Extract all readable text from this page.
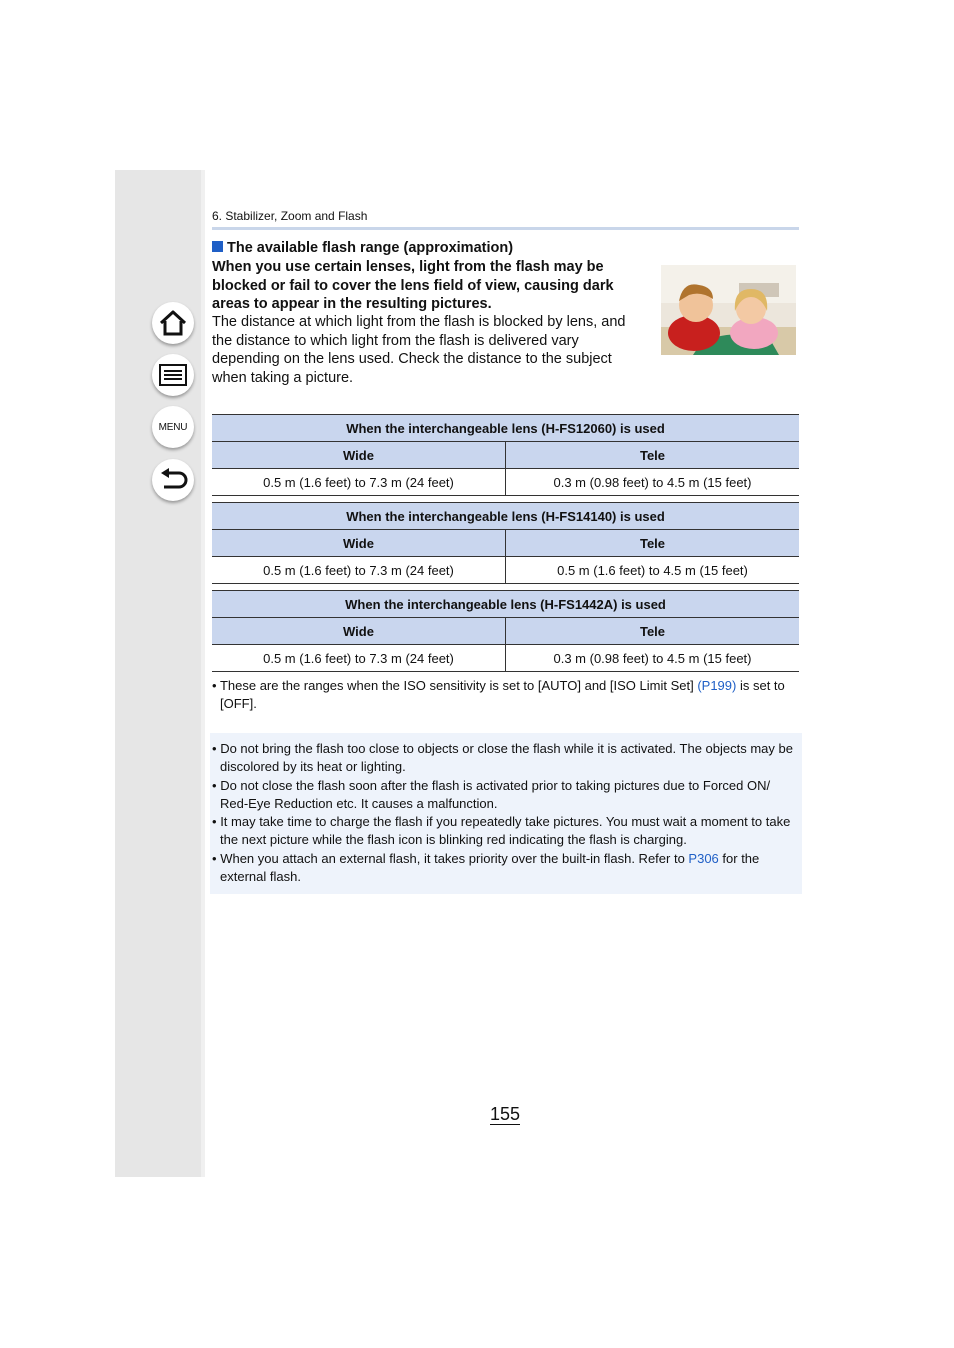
MENU
6. Stabilizer, Zoom and Flash
The available flash range (approximation)
When you use certain lenses, light from the flash may be blocked or fail to cover the lens field of view, causing dark areas to appear in the resulting pictures.
The distance at which light from the flash is blocked by lens, and the distance to which light from the flash is delivered vary depending on the lens used. Check the distance to the subject when taking a picture.
When the interchangeable lens (H-FS12060) is used	
Wide	Tele
0.5 m (1.6 feet) to 7.3 m (24 feet)	0.3 m (0.98 feet) to 4.5 m (15 feet)
When the interchangeable lens (H-FS14140) is used	
Wide	Tele
0.5 m (1.6 feet) to 7.3 m (24 feet)	0.5 m (1.6 feet) to 4.5 m (15 feet)
When the interchangeable lens (H-FS1442A) is used	
Wide	Tele
0.5 m (1.6 feet) to 7.3 m (24 feet)	0.3 m (0.98 feet) to 4.5 m (15 feet)
• These are the ranges when the ISO sensitivity is set to [AUTO] and [ISO Limit Set] (P199) is set to [OFF].
• Do not bring the flash too close to objects or close the flash while it is activated. The objects may be discolored by its heat or lighting.
• Do not close the flash soon after the flash is activated prior to taking pictures due to Forced ON/ Red-Eye Reduction etc. It causes a malfunction.
• It may take time to charge the flash if you repeatedly take pictures. You must wait a moment to take the next picture while the flash icon is blinking red indicating the flash is charging.
• When you attach an external flash, it takes priority over the built-in flash. Refer to P306 for the external flash.
155
